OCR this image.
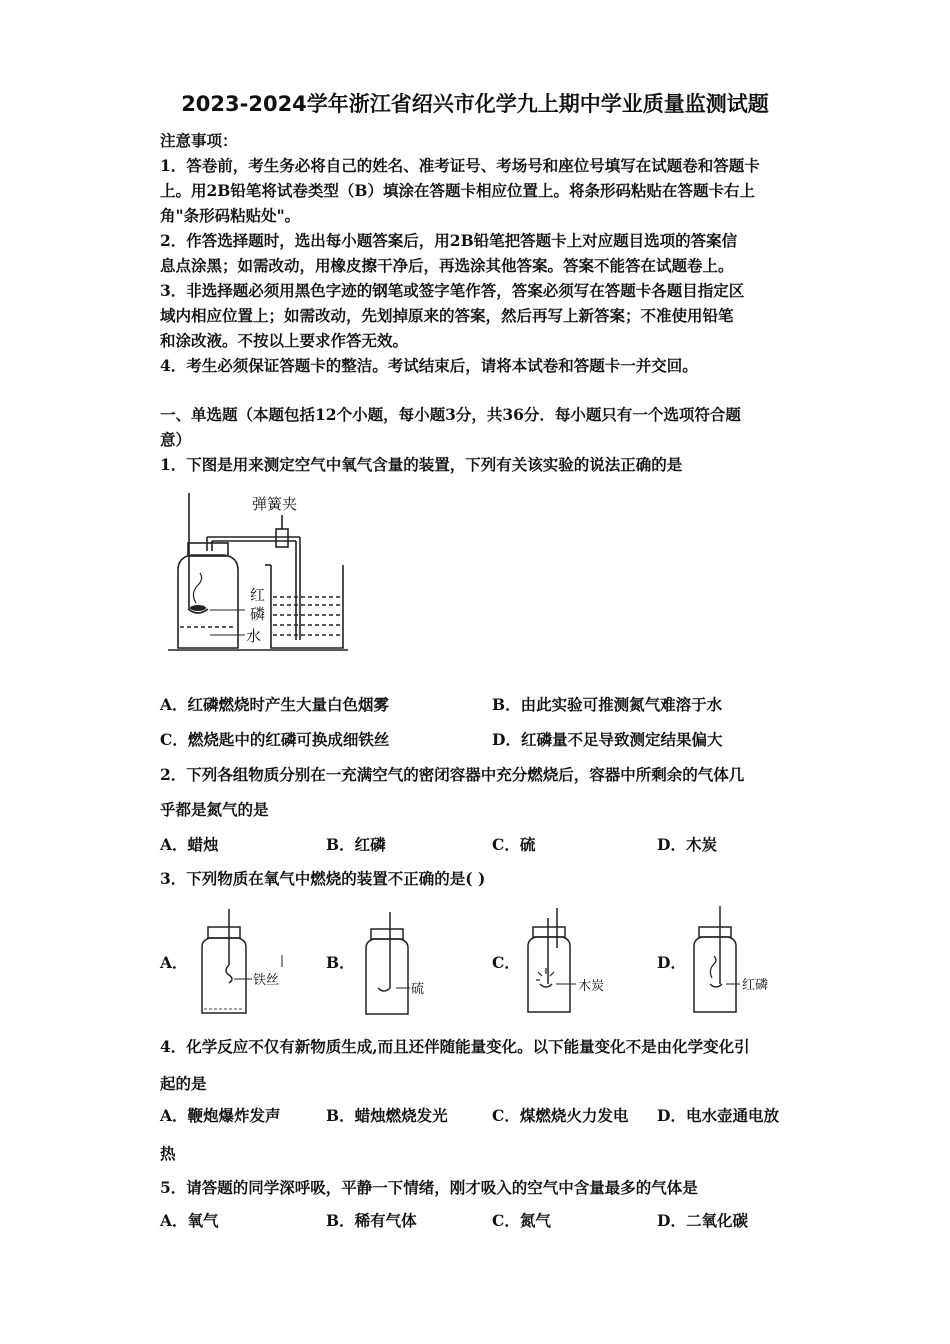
2023-2024学年浙江省绍兴市化学九上期中学业质量监测试题
注意事项：
1．答卷前，考生务必将自己的姓名、准考证号、考场号和座位号填写在试题卷和答题卡
上。用2B铅笔将试卷类型（B）填涂在答题卡相应位置上。将条形码粘贴在答题卡右上
角"条形码粘贴处"。
2．作答选择题时，选出每小题答案后，用2B铅笔把答题卡上对应题目选项的答案信
息点涂黑；如需改动，用橡皮擦干净后，再选涂其他答案。答案不能答在试题卷上。
3．非选择题必须用黑色字迹的钢笔或签字笔作答，答案必须写在答题卡各题目指定区
域内相应位置上；如需改动，先划掉原来的答案，然后再写上新答案；不准使用铅笔
和涂改液。不按以上要求作答无效。
4．考生必须保证答题卡的整洁。考试结束后，请将本试卷和答题卡一并交回。
一、单选题（本题包括12个小题，每小题3分，共36分．每小题只有一个选项符合题
意）
1．下图是用来测定空气中氧气含量的装置，下列有关该实验的说法正确的是
弹簧夹
红
磷
水
A．红磷燃烧时产生大量白色烟雾	B．由此实验可推测氮气难溶于水
C．燃烧匙中的红磷可换成细铁丝	D．红磷量不足导致测定结果偏大
2．下列各组物质分别在一充满空气的密闭容器中充分燃烧后，容器中所剩余的气体几
乎都是氮气的是
A．蜡烛	B．红磷	C．硫	D．木炭
3．下列物质在氧气中燃烧的装置不正确的是( )
A．
铁丝
B．
硫
C．
木炭
D．
红磷
4．化学反应不仅有新物质生成,而且还伴随能量变化。以下能量变化不是由化学变化引
起的是
A．鞭炮爆炸发声	B．蜡烛燃烧发光	C．煤燃烧火力发电 D．电水壶通电放
热
5．请答题的同学深呼吸，平静一下情绪，刚才吸入的空气中含量最多的气体是
A．氧气	B．稀有气体	C．氮气	D．二氧化碳
